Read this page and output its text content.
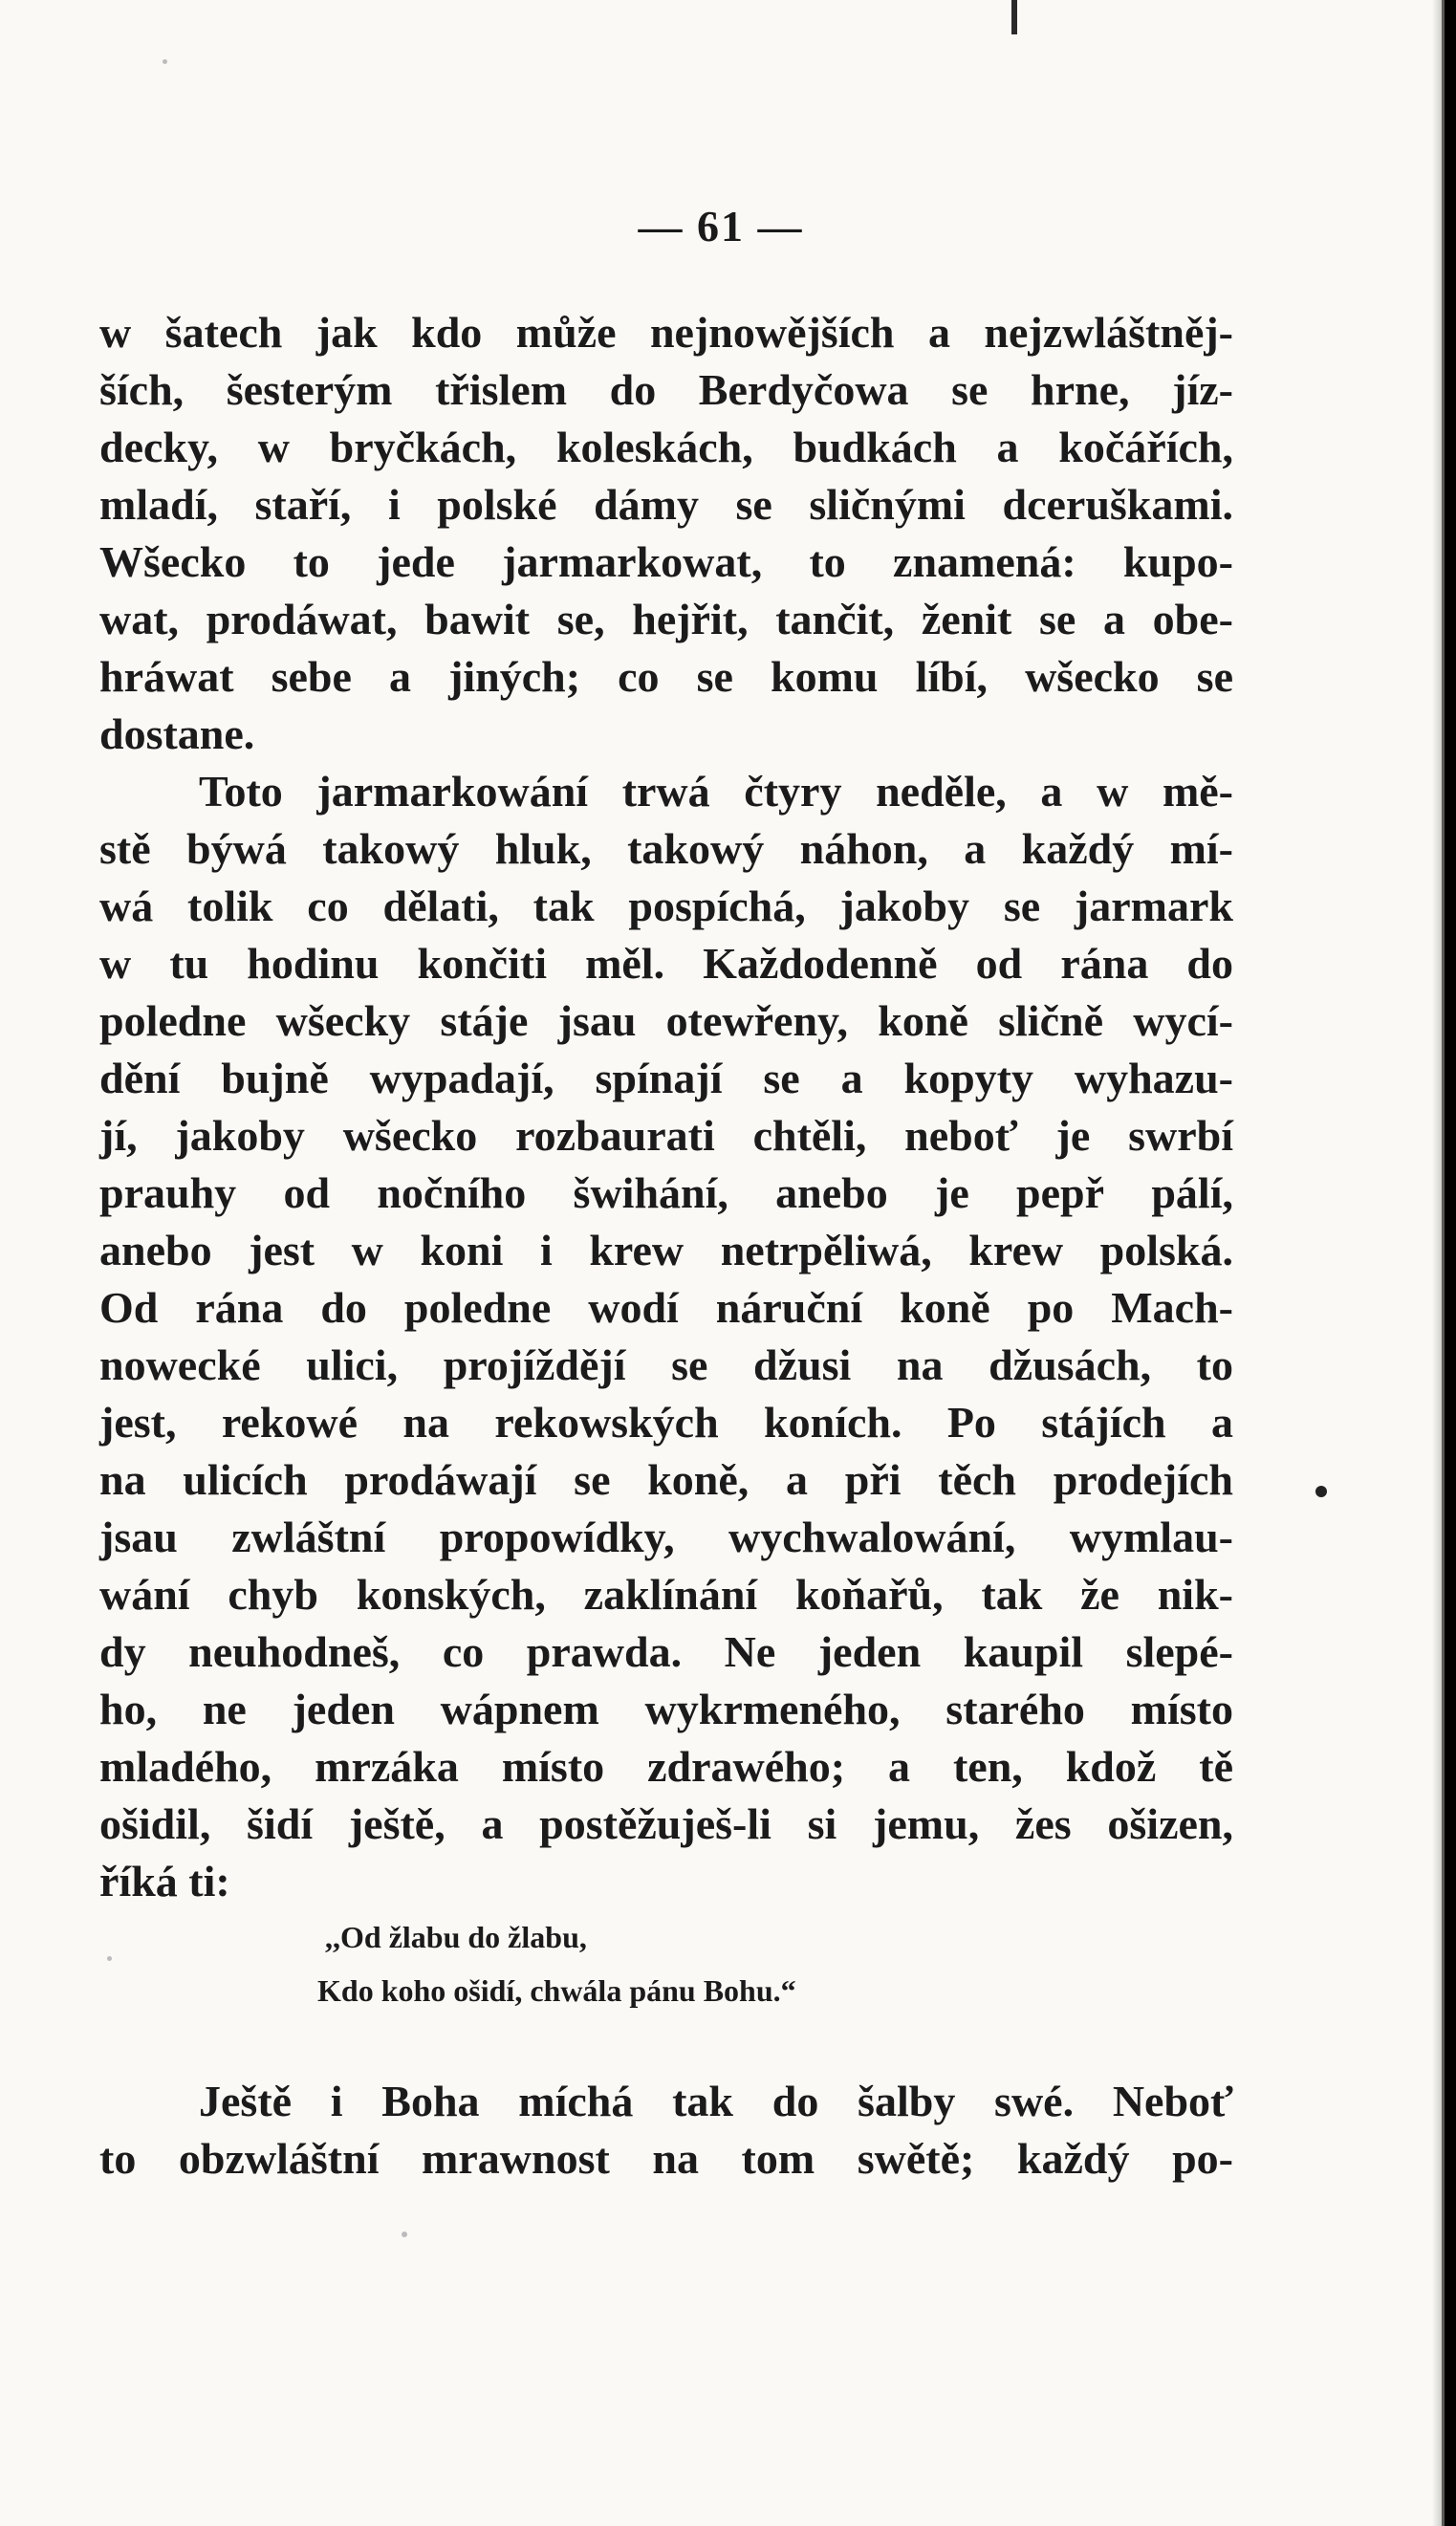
— 61 —
w šatech jak kdo může nejnowějších a nejzwláštněj-
ších, šesterým třislem do Berdyčowa se hrne, jíz-
decky, w bryčkách, koleskách, budkách a kočářích,
mladí, staří, i polské dámy se sličnými dceruškami.
Wšecko to jede jarmarkowat, to znamená: kupo-
wat, prodáwat, bawit se, hejřit, tančit, ženit se a obe-
hráwat sebe a jiných; co se komu líbí, wšecko se
dostane.
Toto jarmarkowání trwá čtyry neděle, a w mě-
stě býwá takowý hluk, takowý náhon, a každý mí-
wá tolik co dělati, tak pospíchá, jakoby se jarmark
w tu hodinu končiti měl. Každodenně od rána do
poledne wšecky stáje jsau otewřeny, koně sličně wycí-
dění bujně wypadají, spínají se a kopyty wyhazu-
jí, jakoby wšecko rozbaurati chtěli, neboť je swrbí
prauhy od nočního šwihání, anebo je pepř pálí,
anebo jest w koni i krew netrpěliwá, krew polská.
Od rána do poledne wodí náruční koně po Mach-
nowecké ulici, projíždějí se džusi na džusách, to
jest, rekowé na rekowských koních. Po stájích a
na ulicích prodáwají se koně, a při těch prodejích
jsau zwláštní propowídky, wychwalowání, wymlau-
wání chyb konských, zaklínání koňařů, tak že nik-
dy neuhodneš, co prawda. Ne jeden kaupil slepé-
ho, ne jeden wápnem wykrmeného, starého místo
mladého, mrzáka místo zdrawého; a ten, kdož tě
ošidil, šidí ještě, a postěžuješ-li si jemu, žes ošizen,
říká ti:
,,Od žlabu do žlabu,
Kdo koho ošidí, chwála pánu Bohu.“
Ještě i Boha míchá tak do šalby swé. Neboť
to obzwláštní mrawnost na tom swětě; každý po-
